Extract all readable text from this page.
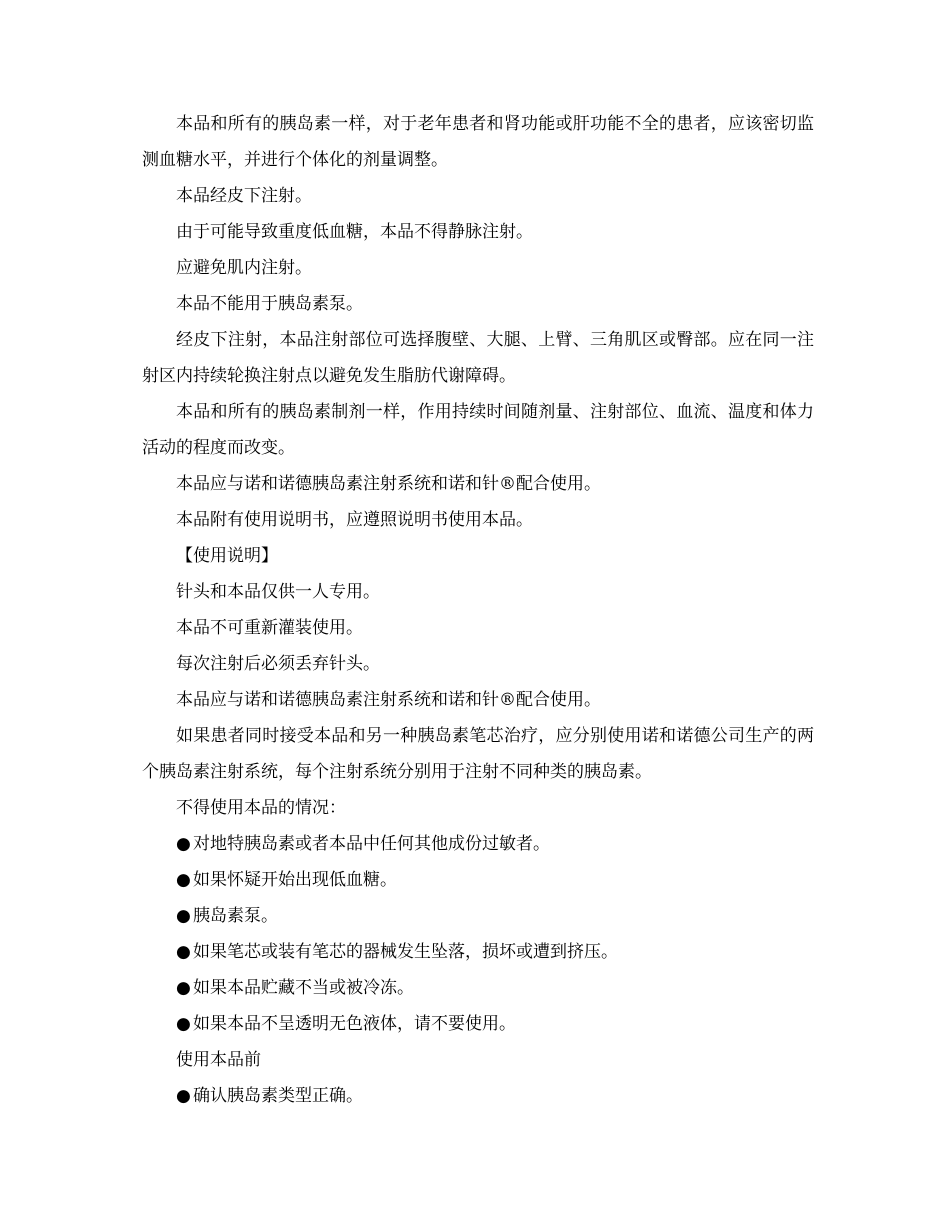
本品和所有的胰岛素一样，对于老年患者和肾功能或肝功能不全的患者，应该密切监测血糖水平，并进行个体化的剂量调整。

本品经皮下注射。

由于可能导致重度低血糖，本品不得静脉注射。

应避免肌内注射。

本品不能用于胰岛素泵。

经皮下注射，本品注射部位可选择腹壁、大腿、上臂、三角肌区或臀部。应在同一注射区内持续轮换注射点以避免发生脂肪代谢障碍。

本品和所有的胰岛素制剂一样，作用持续时间随剂量、注射部位、血流、温度和体力活动的程度而改变。

本品应与诺和诺德胰岛素注射系统和诺和针®配合使用。

本品附有使用说明书，应遵照说明书使用本品。

【使用说明】

针头和本品仅供一人专用。

本品不可重新灌装使用。

每次注射后必须丢弃针头。

本品应与诺和诺德胰岛素注射系统和诺和针®配合使用。

如果患者同时接受本品和另一种胰岛素笔芯治疗，应分别使用诺和诺德公司生产的两个胰岛素注射系统，每个注射系统分别用于注射不同种类的胰岛素。

不得使用本品的情况：

● 对地特胰岛素或者本品中任何其他成份过敏者。
● 如果怀疑开始出现低血糖。
● 胰岛素泵。
● 如果笔芯或装有笔芯的器械发生坠落，损坏或遭到挤压。
● 如果本品贮藏不当或被冷冻。
● 如果本品不呈透明无色液体，请不要使用。

使用本品前

● 确认胰岛素类型正确。
